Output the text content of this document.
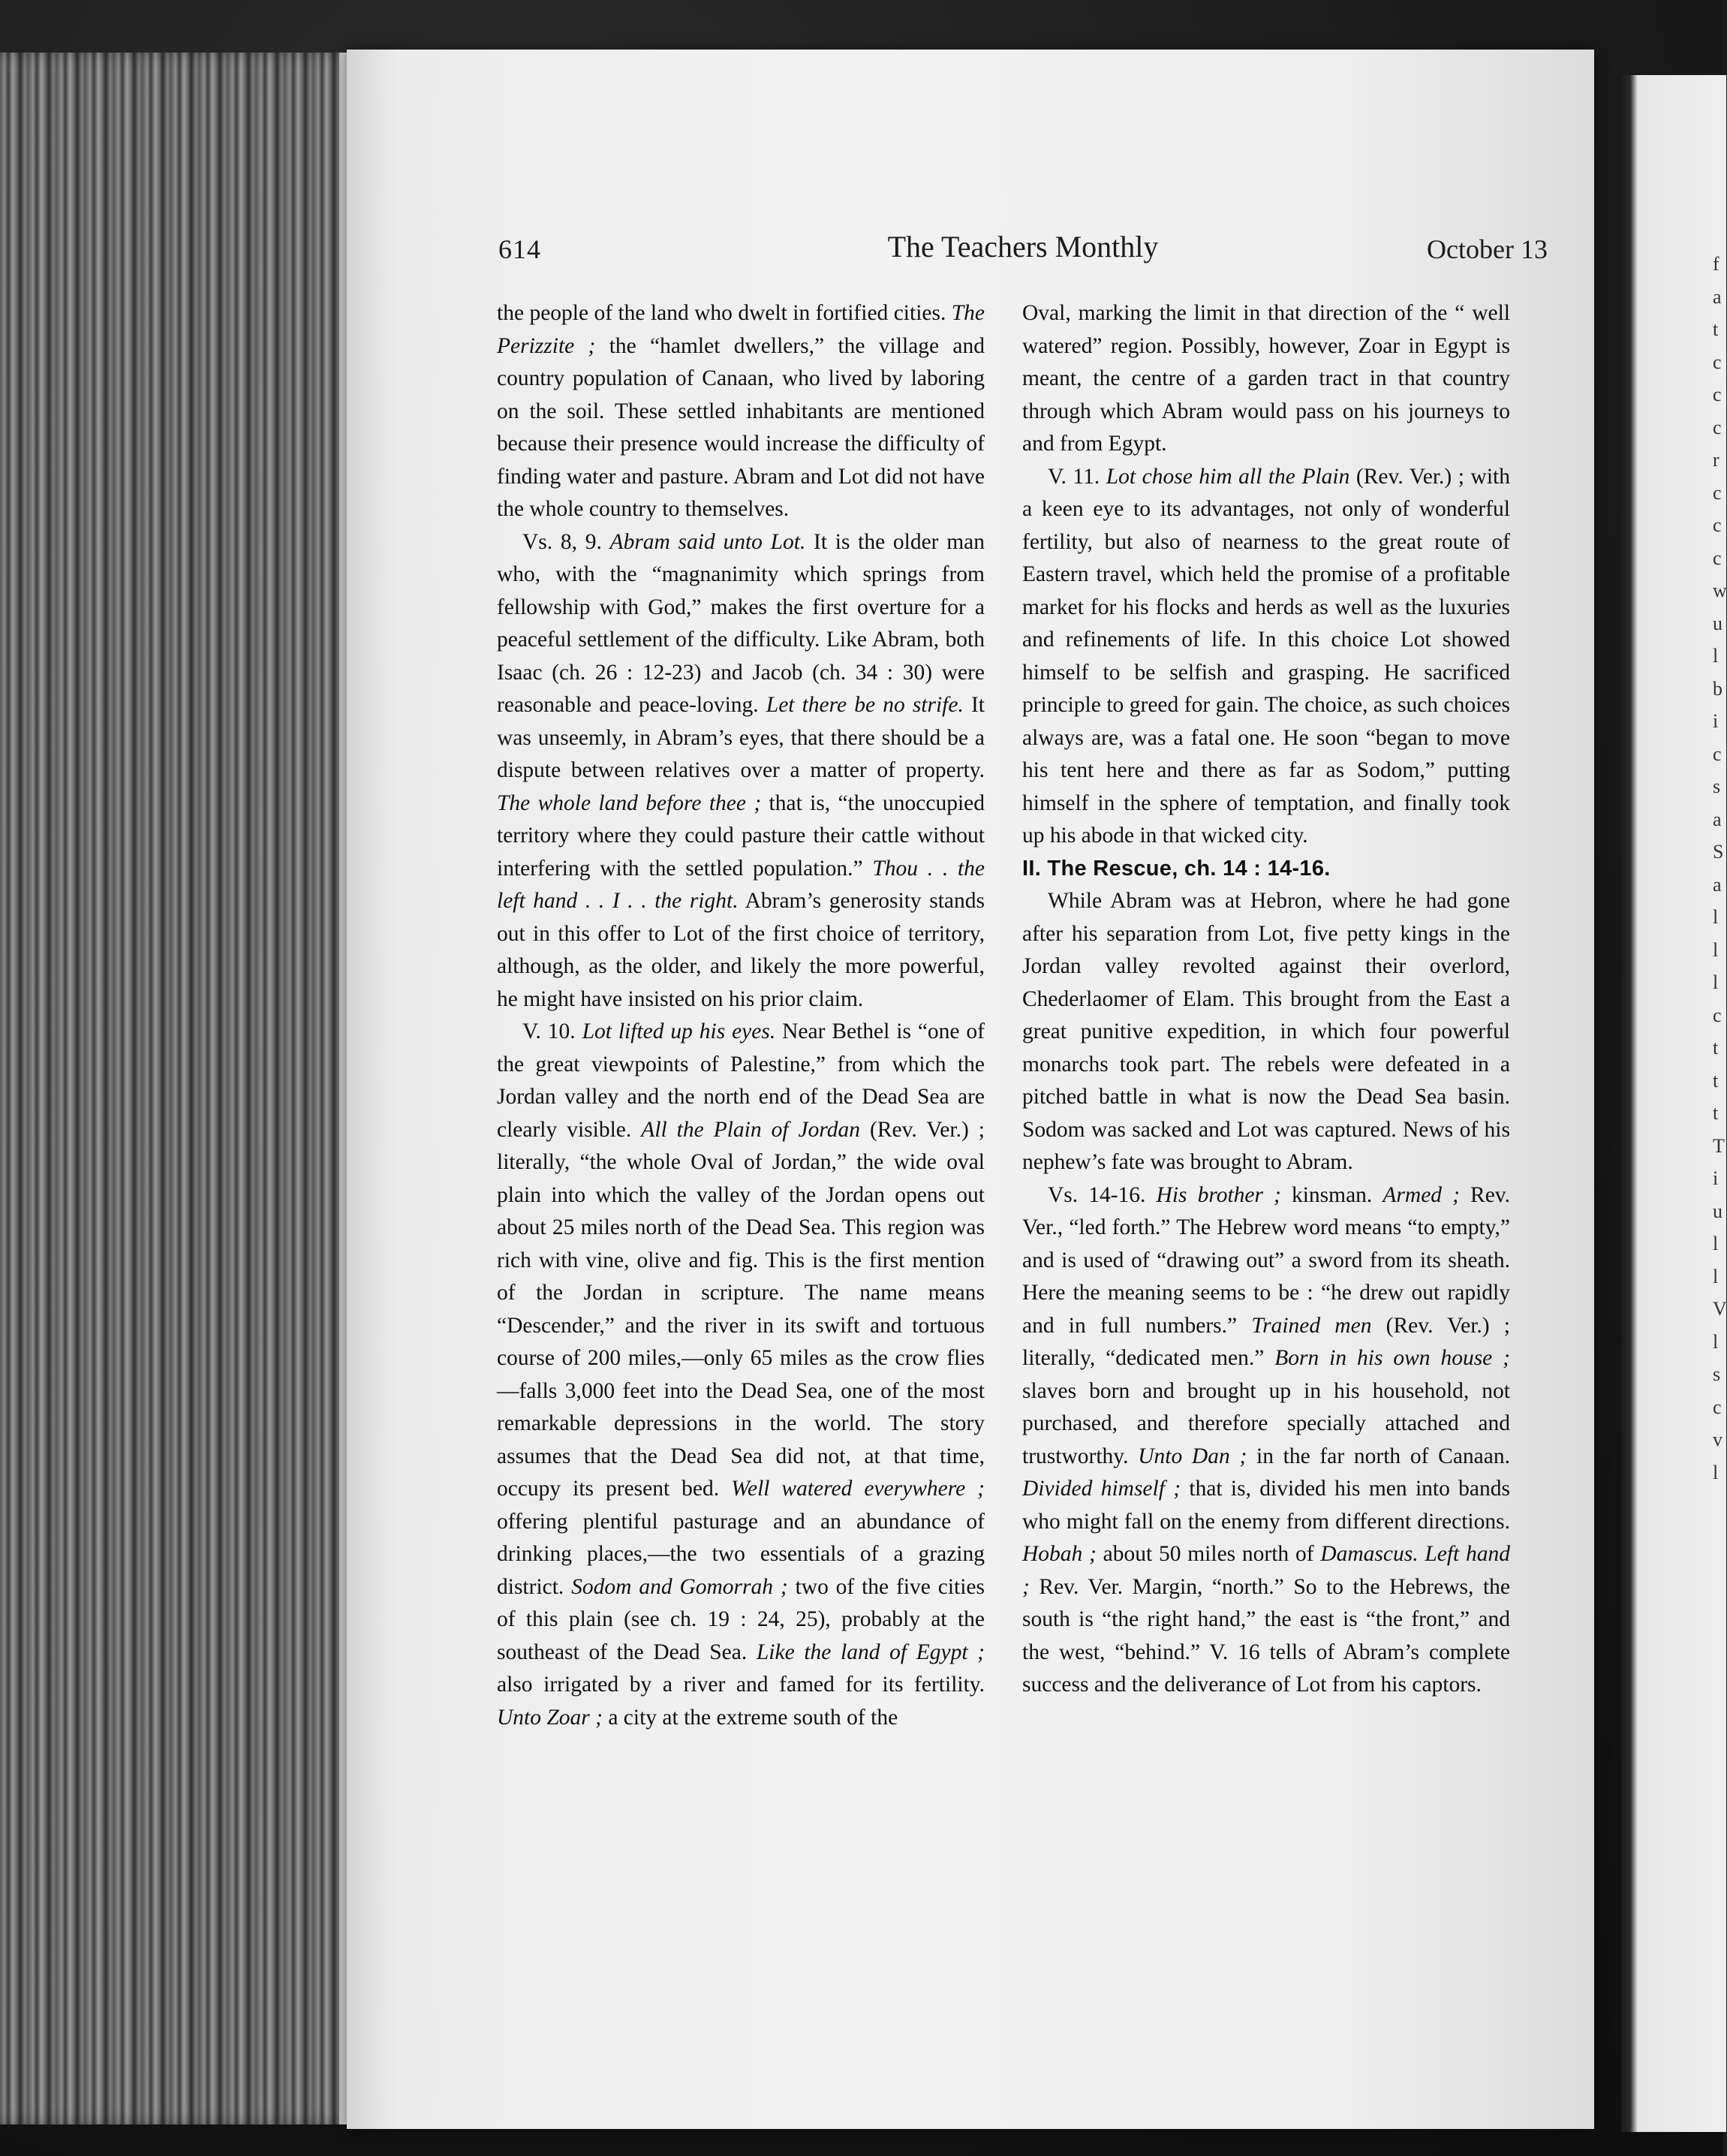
f a t c c c r c c c w u l b i c s a S a l l l c t t t T i u l l V l s c v l
614	The Teachers Monthly	October 13

the people of the land who dwelt in fortified cities. The Perizzite ; the “hamlet dwellers,” the village and country population of Canaan, who lived by laboring on the soil. These settled inhabitants are mentioned because their presence would increase the difficulty of finding water and pasture. Abram and Lot did not have the whole country to themselves.

Vs. 8, 9. Abram said unto Lot. It is the older man who, with the “magnanimity which springs from fellowship with God,” makes the first overture for a peaceful settlement of the difficulty. Like Abram, both Isaac (ch. 26 : 12-23) and Jacob (ch. 34 : 30) were reasonable and peace-loving. Let there be no strife. It was unseemly, in Abram’s eyes, that there should be a dispute between relatives over a matter of property. The whole land before thee ; that is, “the unoccupied territory where they could pasture their cattle without interfering with the settled population.” Thou . . the left hand . . I . . the right. Abram’s generosity stands out in this offer to Lot of the first choice of territory, although, as the older, and likely the more powerful, he might have insisted on his prior claim.

V. 10. Lot lifted up his eyes. Near Bethel is “one of the great viewpoints of Palestine,” from which the Jordan valley and the north end of the Dead Sea are clearly visible. All the Plain of Jordan (Rev. Ver.) ; literally, “the whole Oval of Jordan,” the wide oval plain into which the valley of the Jordan opens out about 25 miles north of the Dead Sea. This region was rich with vine, olive and fig. This is the first mention of the Jordan in scripture. The name means “Descender,” and the river in its swift and tortuous course of 200 miles,—only 65 miles as the crow flies—falls 3,000 feet into the Dead Sea, one of the most remarkable depressions in the world. The story assumes that the Dead Sea did not, at that time, occupy its present bed. Well watered everywhere ; offering plentiful pasturage and an abundance of drinking places,—the two essentials of a grazing district. Sodom and Gomorrah ; two of the five cities of this plain (see ch. 19 : 24, 25), probably at the southeast of the Dead Sea. Like the land of Egypt ; also irrigated by a river and famed for its fertility. Unto Zoar ; a city at the extreme south of the

Oval, marking the limit in that direction of the “ well watered” region. Possibly, however, Zoar in Egypt is meant, the centre of a garden tract in that country through which Abram would pass on his journeys to and from Egypt.

V. 11. Lot chose him all the Plain (Rev. Ver.) ; with a keen eye to its advantages, not only of wonderful fertility, but also of nearness to the great route of Eastern travel, which held the promise of a profitable market for his flocks and herds as well as the luxuries and refinements of life. In this choice Lot showed himself to be selfish and grasping. He sacrificed principle to greed for gain. The choice, as such choices always are, was a fatal one. He soon “began to move his tent here and there as far as Sodom,” putting himself in the sphere of temptation, and finally took up his abode in that wicked city.

II. The Rescue, ch. 14 : 14-16.

While Abram was at Hebron, where he had gone after his separation from Lot, five petty kings in the Jordan valley revolted against their overlord, Chederlaomer of Elam. This brought from the East a great punitive expedition, in which four powerful monarchs took part. The rebels were defeated in a pitched battle in what is now the Dead Sea basin. Sodom was sacked and Lot was captured. News of his nephew’s fate was brought to Abram.

Vs. 14-16. His brother ; kinsman. Armed ; Rev. Ver., “led forth.” The Hebrew word means “to empty,” and is used of “drawing out” a sword from its sheath. Here the meaning seems to be : “he drew out rapidly and in full numbers.” Trained men (Rev. Ver.) ; literally, “dedicated men.” Born in his own house ; slaves born and brought up in his household, not purchased, and therefore specially attached and trustworthy. Unto Dan ; in the far north of Canaan. Divided himself ; that is, divided his men into bands who might fall on the enemy from different directions. Hobah ; about 50 miles north of Damascus. Left hand ; Rev. Ver. Margin, “north.” So to the Hebrews, the south is “the right hand,” the east is “the front,” and the west, “behind.” V. 16 tells of Abram’s complete success and the deliverance of Lot from his captors.
